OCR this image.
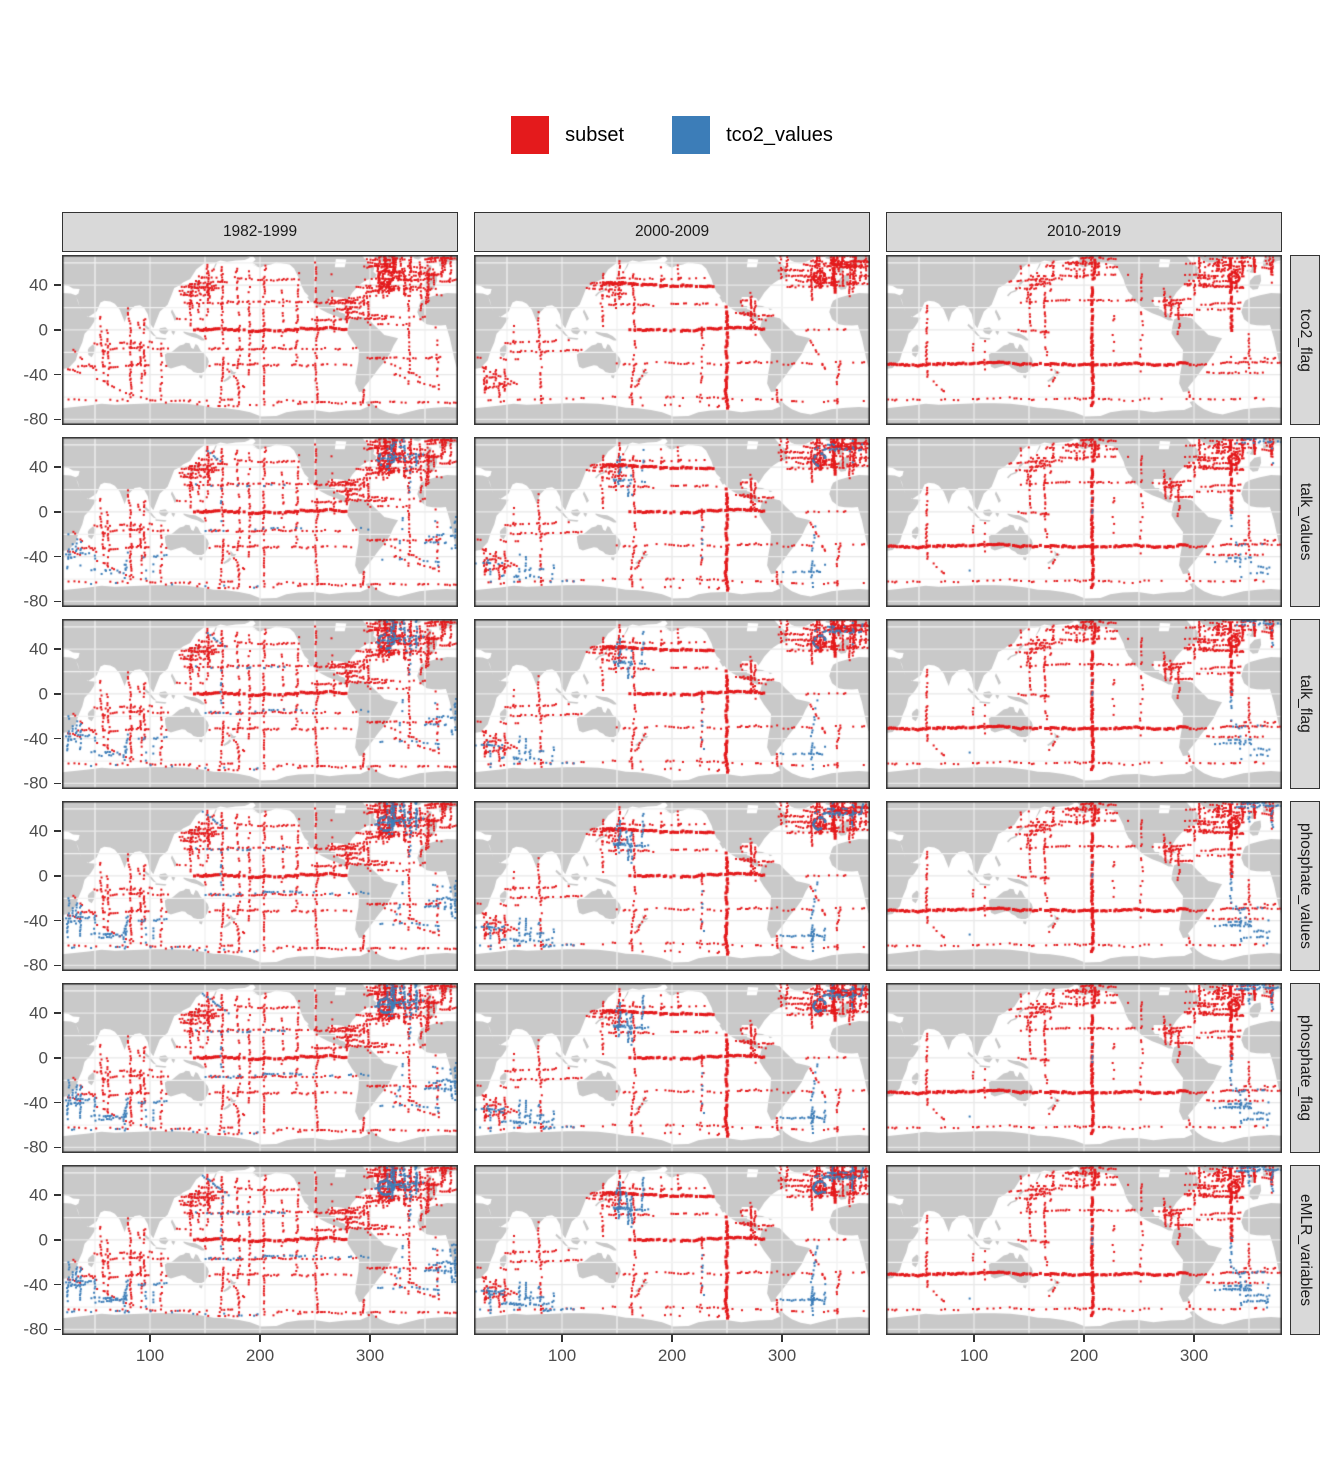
subset	tco2_values
1982-1999	2000-2009	2010-2019
tco2_flag
talk_values
talk_flag
phosphate_values
phosphate_flag
eMLR_variables
100	200	300	100	200	300	100	200	300
40
0
-40
-80
40
0
-40
-80
40
0
-40
-80
40
0
-40
-80
40
0
-40
-80
40
0
-40
-80
